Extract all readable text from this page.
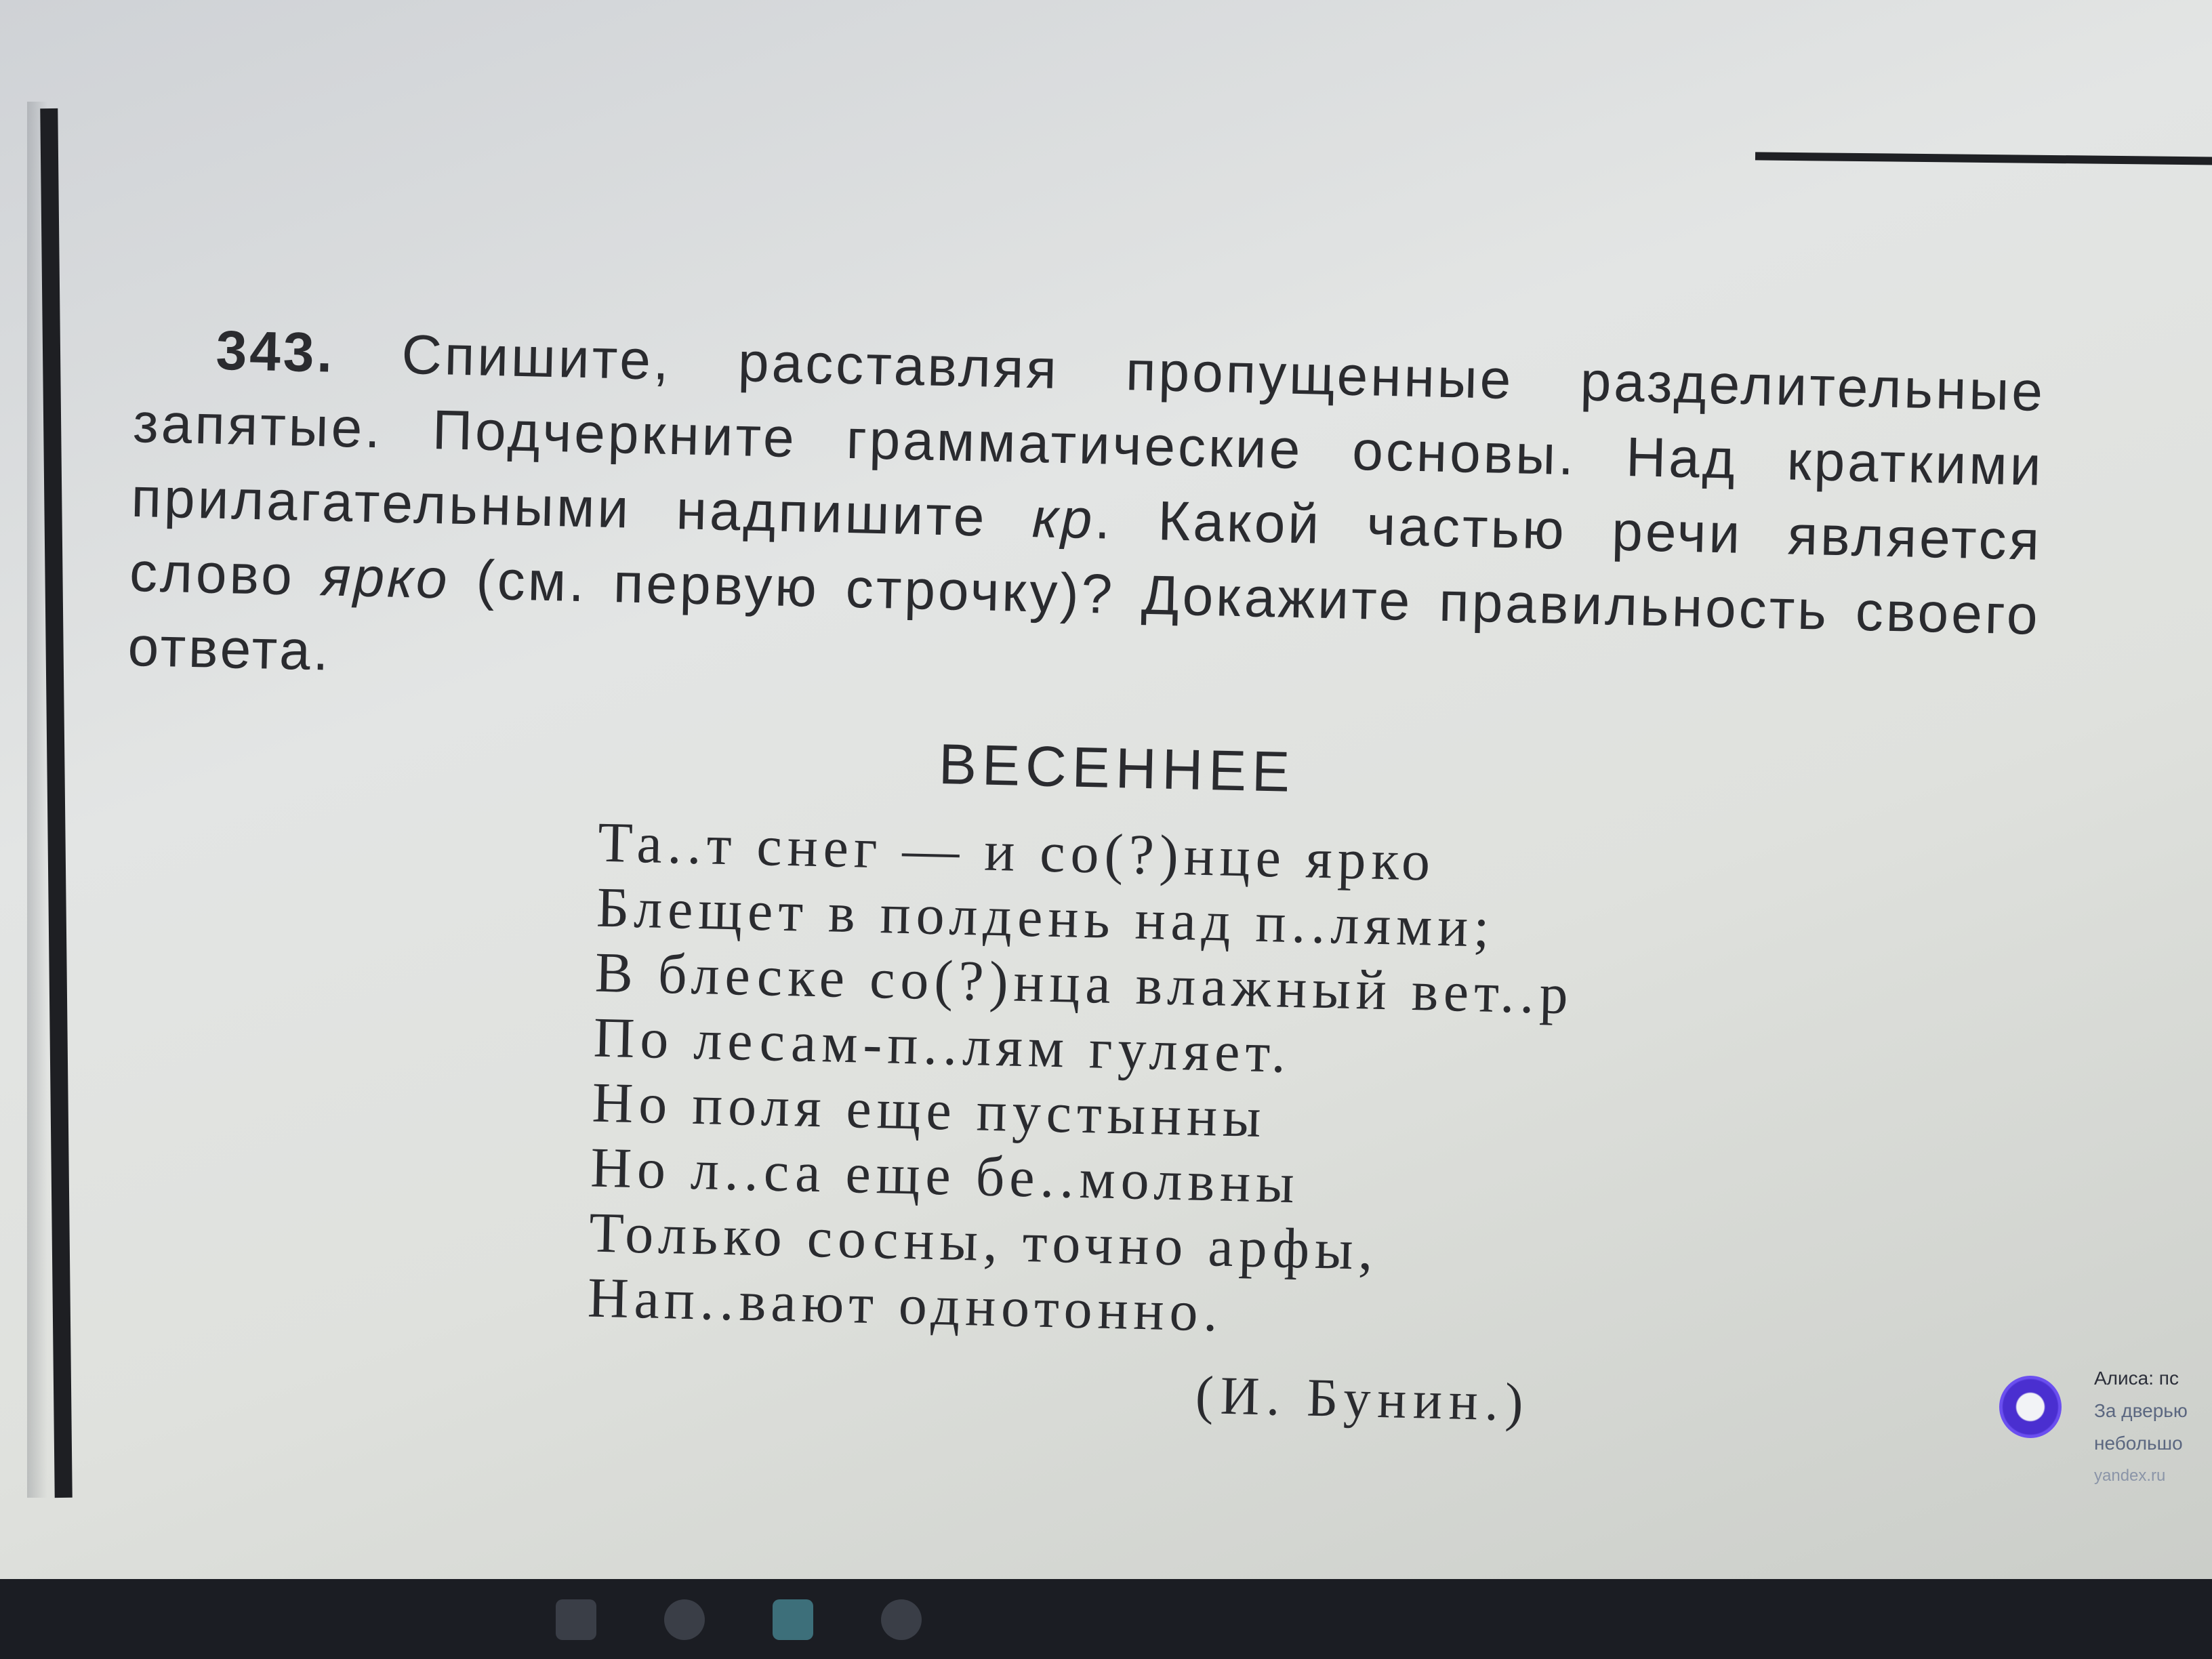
343. Спишите, расставляя пропущенные разделительные запятые. Подчеркните грамматические основы. Над краткими прилагательными надпишите кр. Какой частью речи является слово ярко (см. первую строчку)? Докажите правильность своего ответа.

ВЕСЕННЕЕ
Та..т снег — и со(?)нце ярко
Блещет в полдень над п..лями;
В блеске со(?)нца влажный вет..р
По лесам-п..лям гуляет.
Но поля еще пустынны
Но л..са еще бе..молвны
Только сосны, точно арфы,
Нап..вают однотонно.
(И. Бунин.)	Алиса: пс
За дверью
небольшо
yandex.ru
